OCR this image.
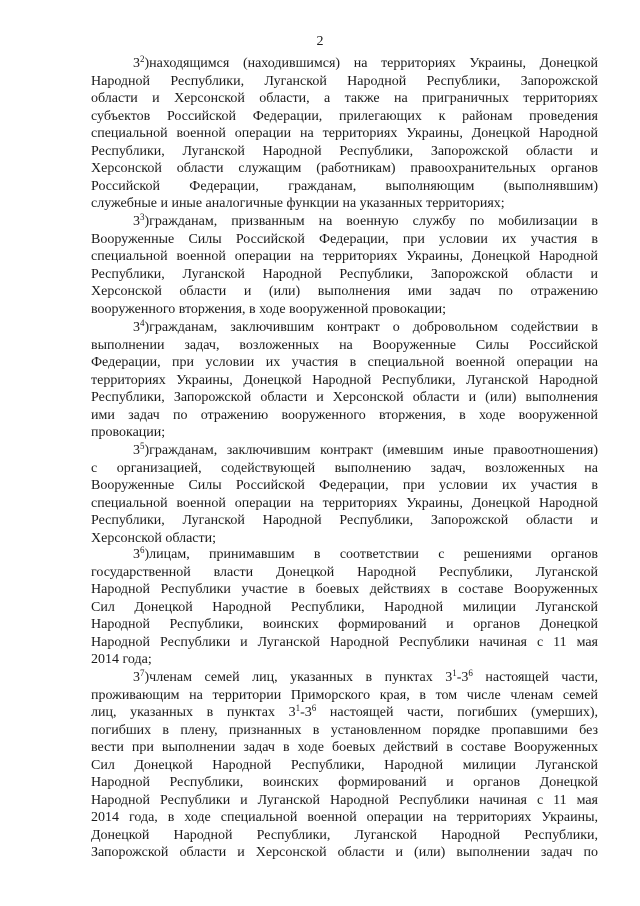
2
$3^2)находящимся$ (находившимся) на территориях Украины, Донецкой
Народной Республики, Луганской Народной Республики, Запорожской
области и Херсонской области, а также на приграничных территориях
субъектов Российской Федерации, прилегающих к районам проведения
специальной военной операции на территориях Украины, Донецкой Народной
Республики, Луганской Народной Республики, Запорожской области и
Херсонской области служащим (работникам) правоохранительных органов
Российской Федерации, гражданам, выполняющим (выполнявшим)
служебные и иные аналогичные функции на указанных территориях;
$3^3)гражданам$, призванным на военную службу по мобилизации в
Вооруженные Силы Российской Федерации, при условии их участия в
специальной военной операции на территориях Украины, Донецкой Народной
Республики, Луганской Народной Республики, Запорожской области и
Херсонской области и (или) выполнения ими задач по отражению
вооруженного вторжения, в ходе вооруженной провокации;
$3^4)гражданам$, заключившим контракт о добровольном содействии в
выполнении задач, возложенных на Вооруженные Силы Российской
Федерации, при условии их участия в специальной военной операции на
территориях Украины, Донецкой Народной Республики, Луганской Народной
Республики, Запорожской области и Херсонской области и (или) выполнения
ими задач по отражению вооруженного вторжения, в ходе вооруженной
провокации;
$3^5)гражданам$, заключившим контракт (имевшим иные правоотношения)
с организацией, содействующей выполнению задач, возложенных на
Вооруженные Силы Российской Федерации, при условии их участия в
специальной военной операции на территориях Украины, Донецкой Народной
Республики, Луганской Народной Республики, Запорожской области и
Херсонской области;
$3^6)лицам$, принимавшим в соответствии с решениями органов
государственной власти Донецкой Народной Республики, Луганской
Народной Республики участие в боевых действиях в составе Вооруженных
Сил Донецкой Народной Республики, Народной милиции Луганской
Народной Республики, воинских формирований и органов Донецкой
Народной Республики и Луганской Народной Республики начиная с 11 мая
2014 года;
$3^7)членам$ семей лиц, указанных в пунктах $3^1-3^6$ настоящей части,
проживающим на территории Приморского края, в том числе членам семей
лиц, указанных в пунктах $3^1-3^6$ настоящей части, погибших (умерших),
погибших в плену, признанных в установленном порядке пропавшими без
вести при выполнении задач в ходе боевых действий в составе Вооруженных
Сил Донецкой Народной Республики, Народной милиции Луганской
Народной Республики, воинских формирований и органов Донецкой
Народной Республики и Луганской Народной Республики начиная с 11 мая
2014 года, в ходе специальной военной операции на территориях Украины,
Донецкой Народной Республики, Луганской Народной Республики,
Запорожской области и Херсонской области и (или) выполнении задач по
